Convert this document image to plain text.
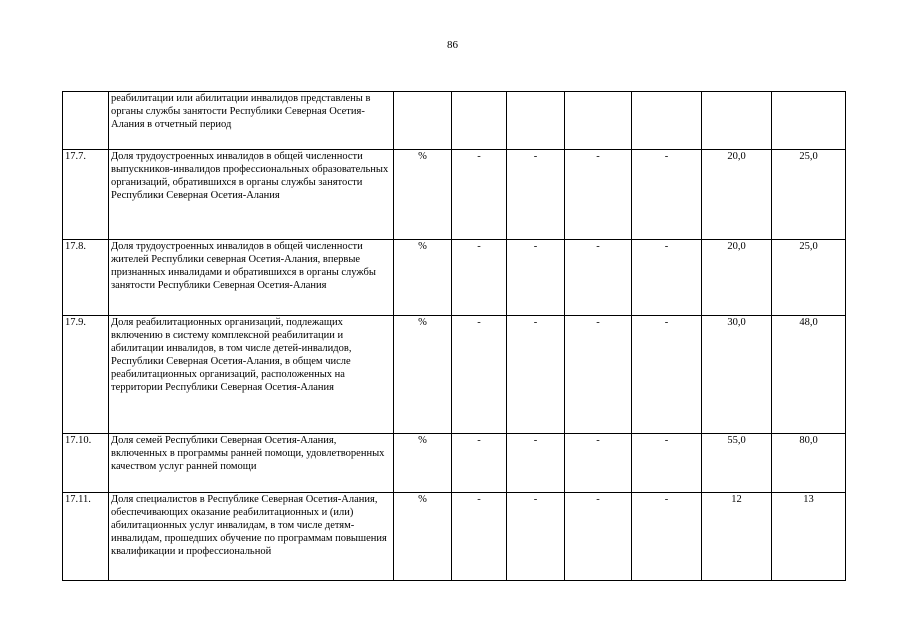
86
	реабилитации или абилитации инвалидов представлены в органы службы занятости Республики Северная Осетия-Алания в отчетный период							
17.7.	Доля трудоустроенных инвалидов в общей численности выпускников-инвалидов профессиональных образовательных организаций, обратившихся в органы службы занятости Республики Северная Осетия-Алания	%	-	-	-	-	20,0	25,0
17.8.	Доля трудоустроенных инвалидов в общей численности жителей Республики северная Осетия-Алания, впервые признанных инвалидами и обратившихся в органы службы занятости Республики Северная Осетия-Алания	%	-	-	-	-	20,0	25,0
17.9.	Доля реабилитационных организаций, подлежащих включению в систему комплексной реабилитации и абилитации инвалидов, в том числе детей-инвалидов, Республики Северная Осетия-Алания, в общем числе реабилитационных организаций, расположенных на территории Республики Северная Осетия-Алания	%	-	-	-	-	30,0	48,0
17.10.	Доля семей Республики Северная Осетия-Алания, включенных в программы ранней помощи, удовлетворенных качеством услуг ранней помощи	%	-	-	-	-	55,0	80,0
17.11.	Доля специалистов в Республике Северная Осетия-Алания, обеспечивающих оказание реабилитационных и (или) абилитационных услуг инвалидам, в том числе детям-инвалидам, прошедших обучение по программам повышения квалификации и профессиональной	%	-	-	-	-	12	13
